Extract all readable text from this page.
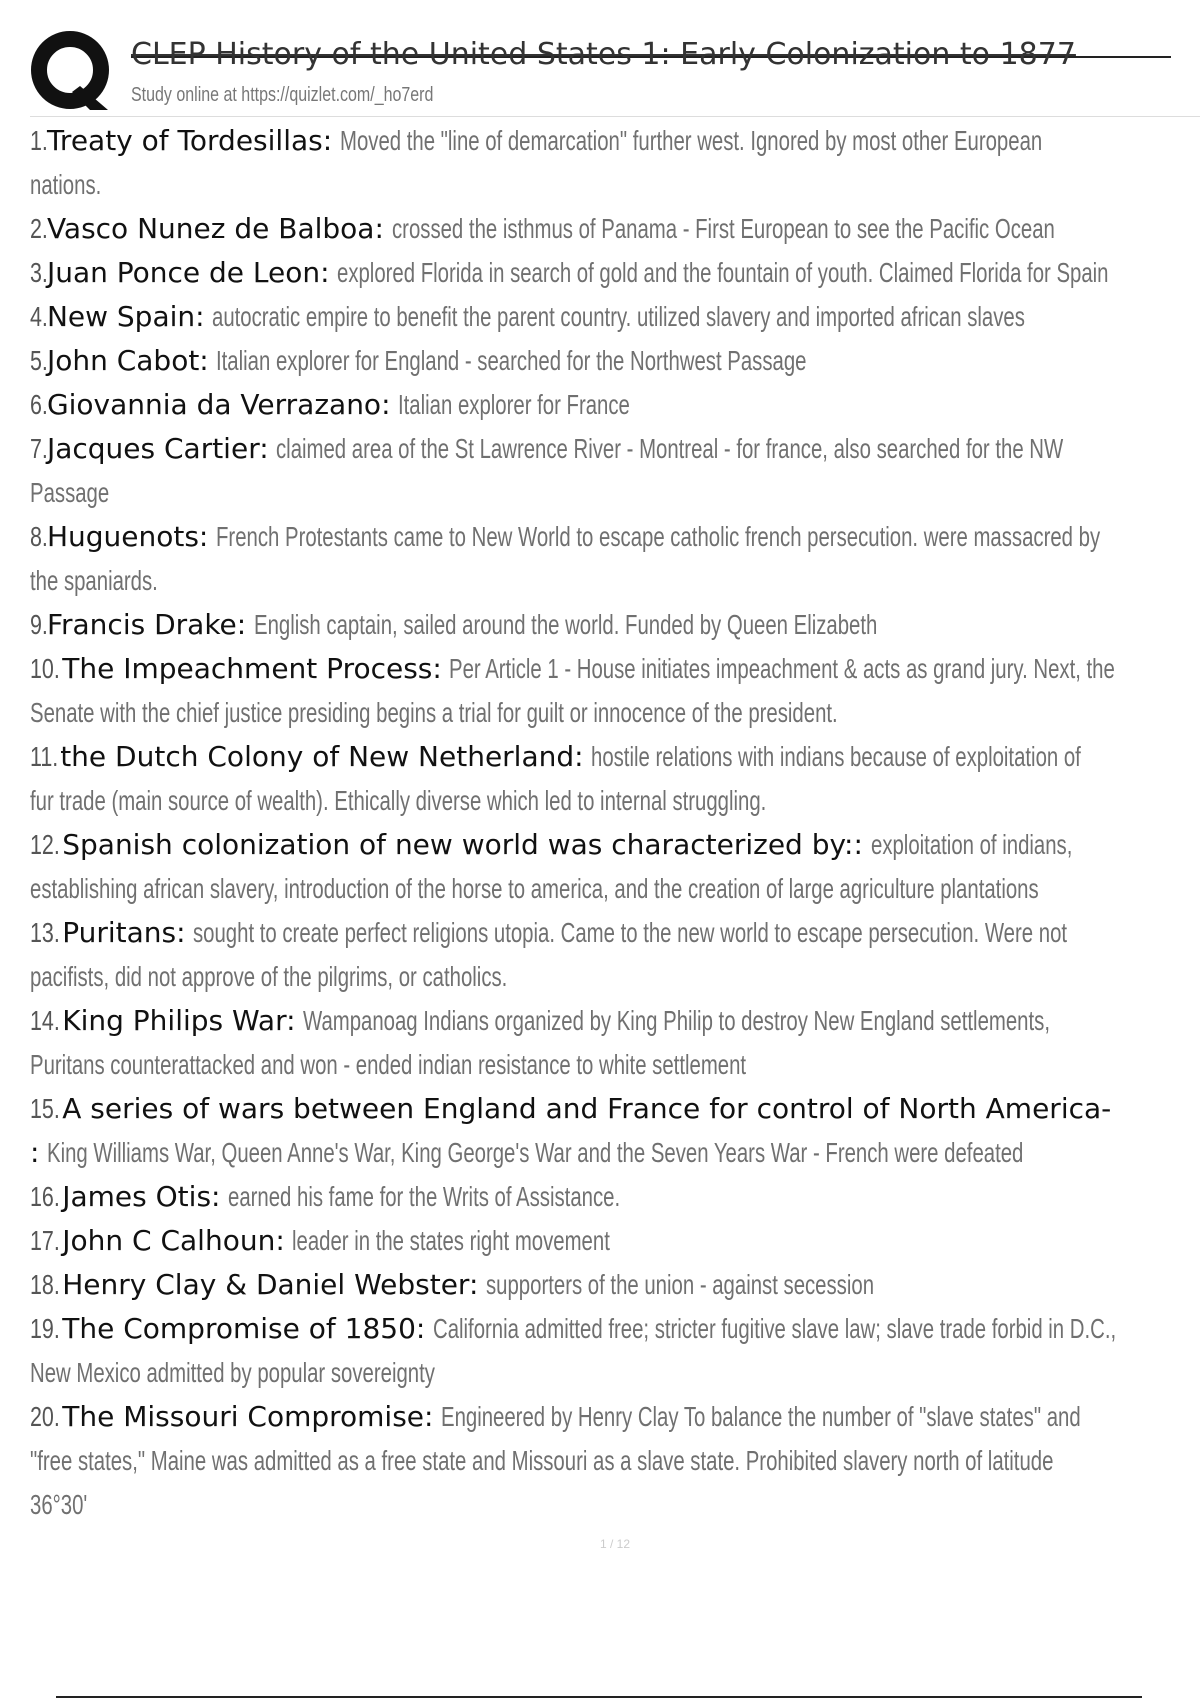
CLEP History of the United States 1: Early Colonization to 1877
Study online at https://quizlet.com/_ho7erd
1.Treaty of Tordesillas: Moved the "line of demarcation" further west. Ignored by most other European
nations.
2.Vasco Nunez de Balboa: crossed the isthmus of Panama - First European to see the Pacific Ocean
3.Juan Ponce de Leon: explored Florida in search of gold and the fountain of youth. Claimed Florida for Spain
4.New Spain: autocratic empire to benefit the parent country. utilized slavery and imported african slaves
5.John Cabot: Italian explorer for England - searched for the Northwest Passage
6.Giovannia da Verrazano: Italian explorer for France
7.Jacques Cartier: claimed area of the St Lawrence River - Montreal - for france, also searched for the NW
Passage
8.Huguenots: French Protestants came to New World to escape catholic french persecution. were massacred by
the spaniards.
9.Francis Drake: English captain, sailed around the world. Funded by Queen Elizabeth
10.The Impeachment Process: Per Article 1 - House initiates impeachment & acts as grand jury. Next, the
Senate with the chief justice presiding begins a trial for guilt or innocence of the president.
11.the Dutch Colony of New Netherland: hostile relations with indians because of exploitation of
fur trade (main source of wealth). Ethically diverse which led to internal struggling.
12.Spanish colonization of new world was characterized by:: exploitation of indians,
establishing african slavery, introduction of the horse to america, and the creation of large agriculture plantations
13.Puritans: sought to create perfect religions utopia. Came to the new world to escape persecution. Were not
pacifists, did not approve of the pilgrims, or catholics.
14.King Philips War: Wampanoag Indians organized by King Philip to destroy New England settlements,
Puritans counterattacked and won - ended indian resistance to white settlement
15.A series of wars between England and France for control of North America-
: King Williams War, Queen Anne's War, King George's War and the Seven Years War - French were defeated
16.James Otis: earned his fame for the Writs of Assistance.
17.John C Calhoun: leader in the states right movement
18.Henry Clay & Daniel Webster: supporters of the union - against secession
19.The Compromise of 1850: California admitted free; stricter fugitive slave law; slave trade forbid in D.C.,
New Mexico admitted by popular sovereignty
20.The Missouri Compromise: Engineered by Henry Clay To balance the number of "slave states" and
"free states," Maine was admitted as a free state and Missouri as a slave state. Prohibited slavery north of latitude
36°30'
1 / 12
